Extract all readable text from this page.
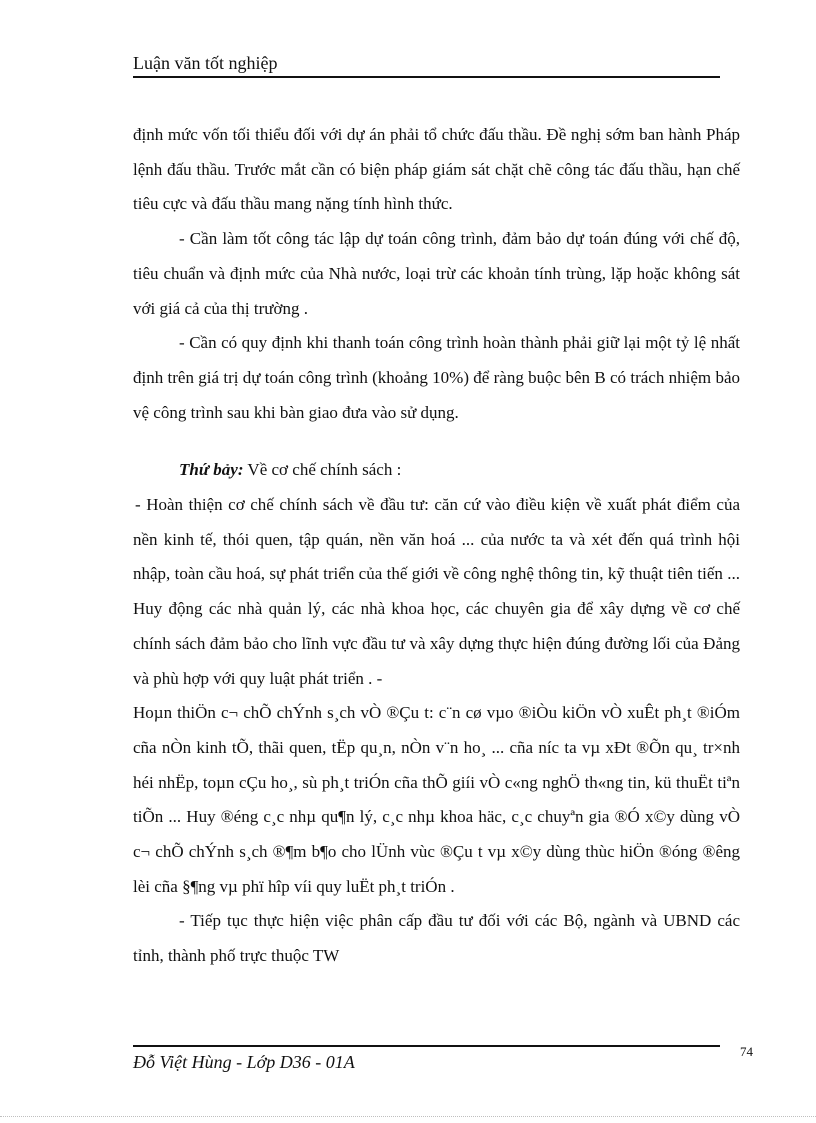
Luận văn tốt nghiệp

định mức vốn tối thiểu đối với dự án phải tổ chức đấu thầu. Đề nghị sớm ban hành Pháp lệnh đấu thầu. Trước mắt cần có biện pháp giám sát chặt chẽ công tác đấu thầu, hạn chế tiêu cực và đấu thầu mang nặng tính hình thức.

- Cần làm tốt công tác lập dự toán công trình, đảm bảo dự toán đúng với chế độ, tiêu chuẩn và định mức của Nhà nước, loại trừ các khoản tính trùng, lặp hoặc không sát với giá cả của thị trường .

- Cần có quy định khi thanh toán công trình hoàn thành phải giữ lại một tỷ lệ nhất định trên giá trị dự toán công trình (khoảng 10%) để ràng buộc bên B có trách nhiệm bảo vệ công trình sau khi bàn giao đưa vào sử dụng.

Thứ bảy: Về cơ chế chính sách :

- Hoàn thiện cơ chế chính sách về đầu tư: căn cứ vào điều kiện về xuất phát điểm của nền kinh tế, thói quen, tập quán, nền văn hoá ... của nước ta và xét đến quá trình hội nhập, toàn cầu hoá, sự phát triển của thế giới về công nghệ thông tin, kỹ thuật tiên tiến ... Huy động các nhà quản lý, các nhà khoa học, các chuyên gia để xây dựng về cơ chế chính sách đảm bảo cho lĩnh vực đầu tư và xây dựng thực hiện đúng đường lối của Đảng và phù hợp với quy luật phát triển . -

Hoµn thiÖn c¬ chÕ chÝnh s¸ch vÒ ®Çu t: c¨n cø vµo ®iÒu kiÖn vÒ xuÊt ph¸t ®iÓm cña nÒn kinh tÕ, thãi quen, tËp qu¸n, nÒn v¨n ho¸ ... cña níc ta vµ xÐt ®Õn qu¸ tr×nh héi nhËp, toµn cÇu ho¸, sù ph¸t triÓn cña thÕ giíi vÒ c«ng nghÖ th«ng tin, kü thuËt tiªn tiÕn ... Huy ®éng c¸c nhµ qu¶n lý, c¸c nhµ khoa häc, c¸c chuyªn gia ®Ó x©y dùng vÒ c¬ chÕ chÝnh s¸ch ®¶m b¶o cho lÜnh vùc ®Çu t vµ x©y dùng thùc hiÖn ®óng ®êng lèi cña §¶ng vµ phï hîp víi quy luËt ph¸t triÓn .

- Tiếp tục thực hiện việc phân cấp đầu tư đối với các Bộ, ngành và UBND các tỉnh, thành phố trực thuộc TW

Đỗ Việt Hùng - Lớp D36 - 01A
74
